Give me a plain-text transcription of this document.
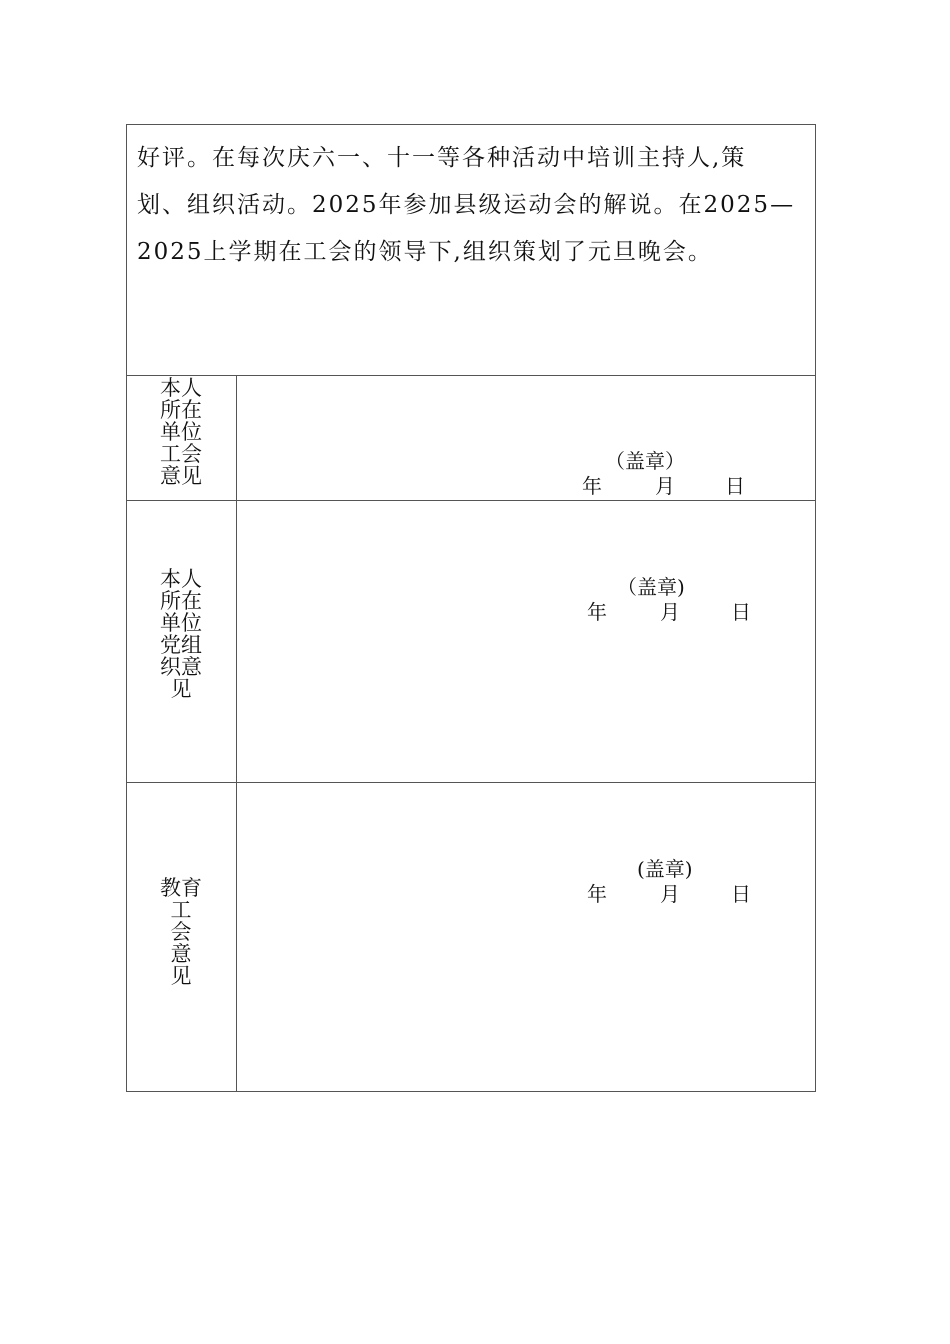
好评。在每次庆六一、十一等各种活动中培训主持人,策
划、组织活动。2025年参加县级运动会的解说。在2025—
2025上学期在工会的领导下,组织策划了元旦晚会。
本人
所在
单位
工会
意见
（盖章）
年	月	日
本人
所在
单位
党组
织意
见
（盖章)
年	月	日
教育
工
会
意
见
(盖章)
年	月	日
